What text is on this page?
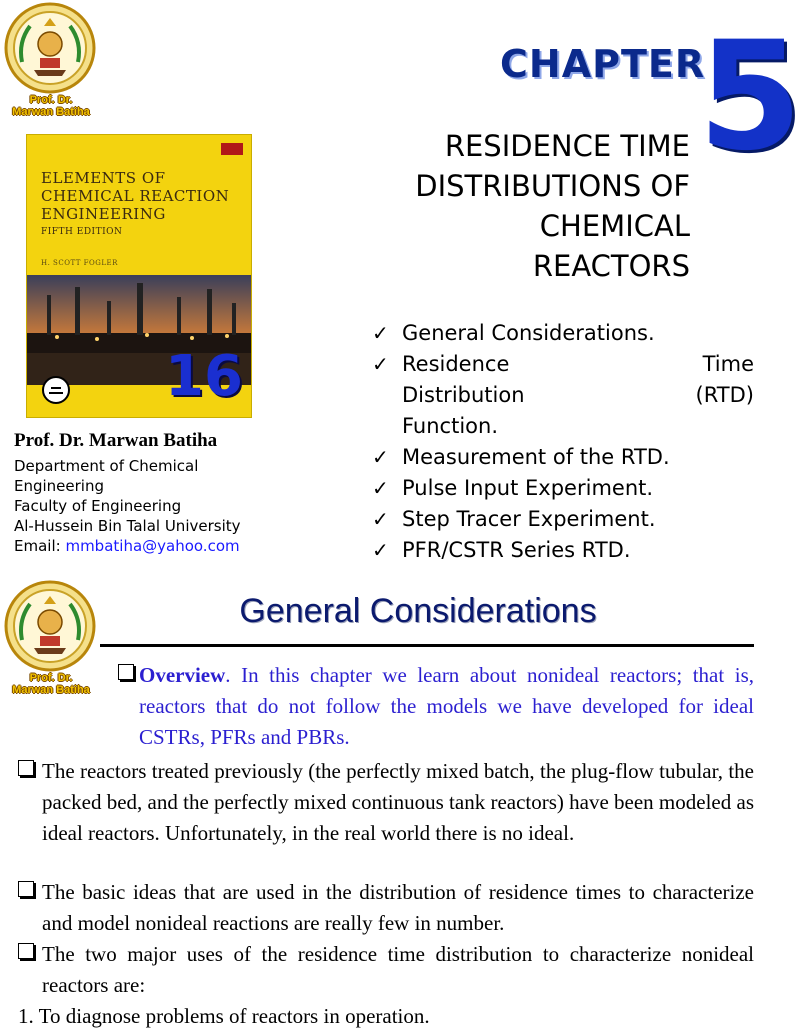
Prof. Dr.
Marwan Batiha
CHAPTER
5
RESIDENCE TIME
DISTRIBUTIONS OF
CHEMICAL
REACTORS
ELEMENTS OF
CHEMICAL REACTION
ENGINEERING
FIFTH EDITION
H. SCOTT FOGLER
16
Prof. Dr. Marwan Batiha
Department of Chemical
Engineering
Faculty of Engineering
Al-Hussein Bin Talal University
Email: mmbatiha@yahoo.com
✓ General Considerations.
✓ Residence	Time
Distribution	(RTD)
Function.
✓ Measurement of the RTD.
✓ Pulse Input Experiment.
✓ Step Tracer Experiment.
✓ PFR/CSTR Series RTD.
Prof. Dr.
Marwan Batiha
General Considerations
Overview. In this chapter we learn about nonideal reactors; that is, reactors that do not follow the models we have developed for ideal CSTRs, PFRs and PBRs.
The reactors treated previously (the perfectly mixed batch, the plug-flow tubular, the packed bed, and the perfectly mixed continuous tank reactors) have been modeled as ideal reactors. Unfortunately, in the real world there is no ideal.
The basic ideas that are used in the distribution of residence times to characterize and model nonideal reactions are really few in number.
The two major uses of the residence time distribution to characterize nonideal reactors are:
1. To diagnose problems of reactors in operation.
